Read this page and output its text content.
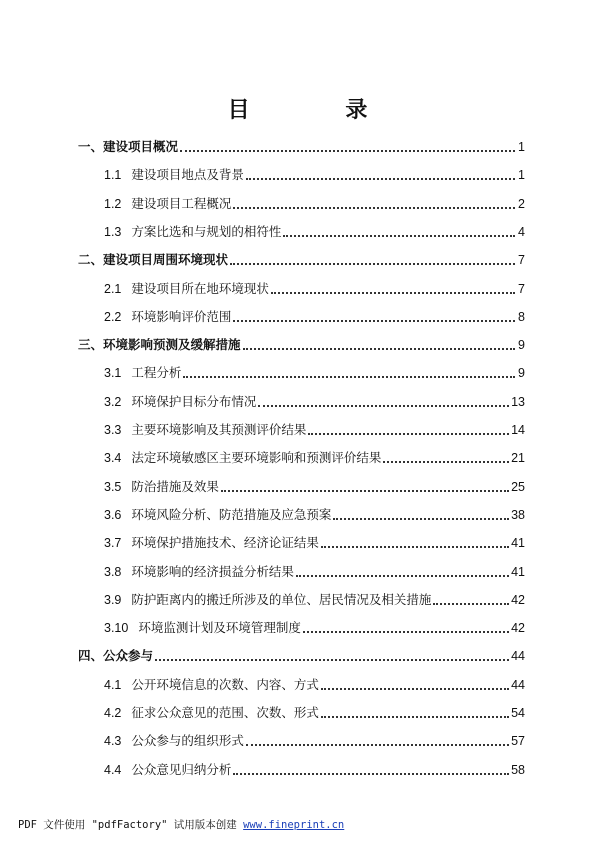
目 录
一、建设项目概况	1
1.1 建设项目地点及背景	1
1.2 建设项目工程概况	2
1.3 方案比选和与规划的相符性	4
二、建设项目周围环境现状	7
2.1 建设项目所在地环境现状	7
2.2 环境影响评价范围	8
三、环境影响预测及缓解措施	9
3.1 工程分析	9
3.2 环境保护目标分布情况	13
3.3 主要环境影响及其预测评价结果	14
3.4 法定环境敏感区主要环境影响和预测评价结果	21
3.5 防治措施及效果	25
3.6 环境风险分析、防范措施及应急预案	38
3.7 环境保护措施技术、经济论证结果	41
3.8 环境影响的经济损益分析结果	41
3.9 防护距离内的搬迁所涉及的单位、居民情况及相关措施	42
3.10 环境监测计划及环境管理制度	42
四、公众参与	44
4.1 公开环境信息的次数、内容、方式	44
4.2 征求公众意见的范围、次数、形式	54
4.3 公众参与的组织形式	57
4.4 公众意见归纳分析	58
PDF 文件使用 "pdfFactory" 试用版本创建 www.fineprint.cn
